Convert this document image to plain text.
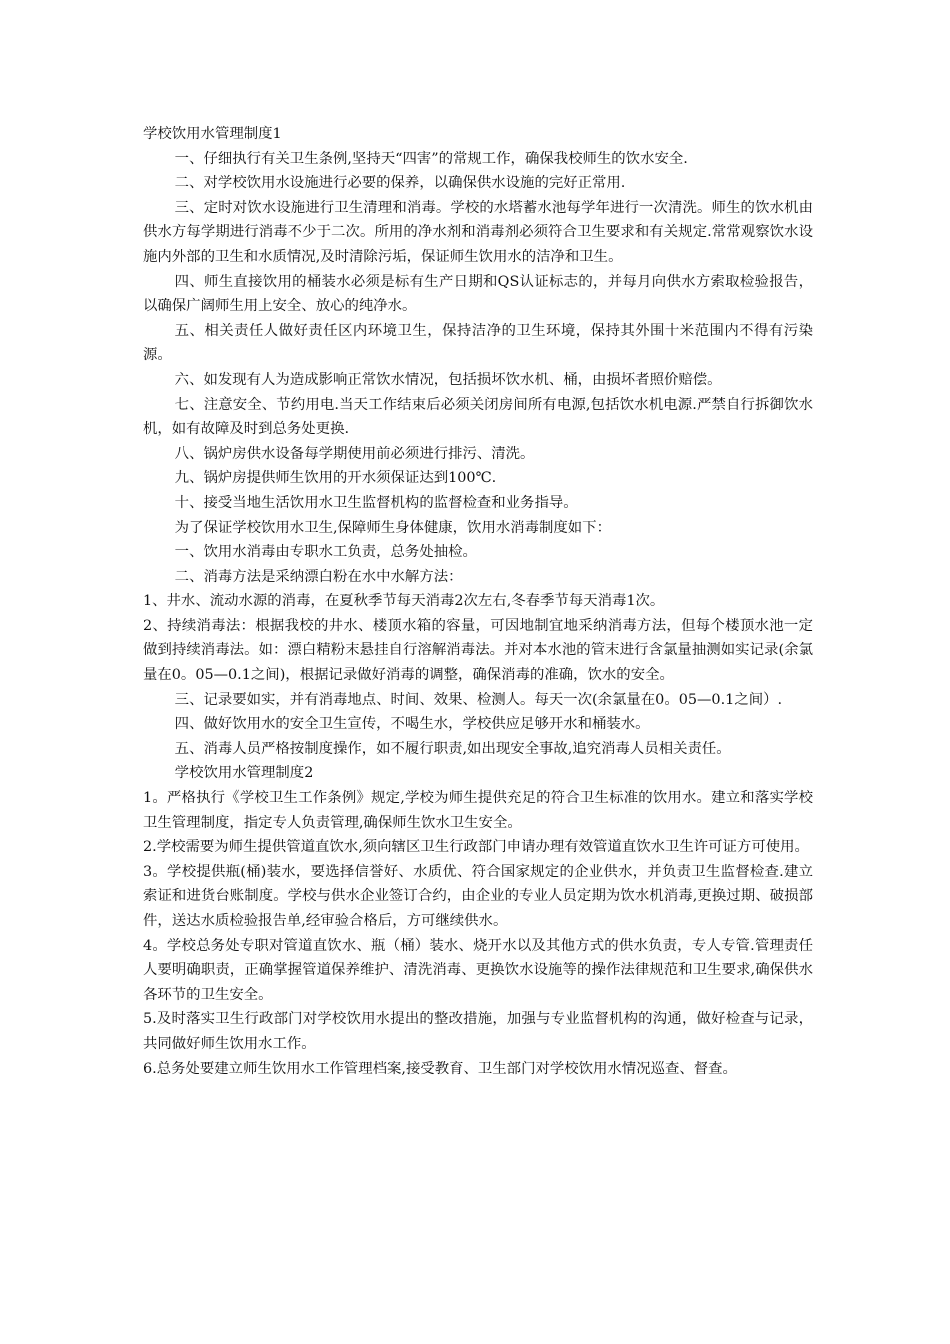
学校饮用水管理制度1

一、仔细执行有关卫生条例,坚持天“四害”的常规工作，确保我校师生的饮水安全.

二、对学校饮用水设施进行必要的保养，以确保供水设施的完好正常用.

三、定时对饮水设施进行卫生清理和消毒。学校的水塔蓄水池每学年进行一次清洗。师生的饮水机由供水方每学期进行消毒不少于二次。所用的净水剂和消毒剂必须符合卫生要求和有关规定.常常观察饮水设施内外部的卫生和水质情况,及时清除污垢，保证师生饮用水的洁净和卫生。

四、师生直接饮用的桶装水必须是标有生产日期和QS认证标志的，并每月向供水方索取检验报告，以确保广阔师生用上安全、放心的纯净水。

五、相关责任人做好责任区内环境卫生，保持洁净的卫生环境，保持其外围十米范围内不得有污染源。

六、如发现有人为造成影响正常饮水情况，包括损坏饮水机、桶，由损坏者照价赔偿。

七、注意安全、节约用电.当天工作结束后必须关闭房间所有电源,包括饮水机电源.严禁自行拆御饮水机，如有故障及时到总务处更换.

八、锅炉房供水设备每学期使用前必须进行排污、清洗。

九、锅炉房提供师生饮用的开水须保证达到100℃.

十、接受当地生活饮用水卫生监督机构的监督检查和业务指导。

为了保证学校饮用水卫生,保障师生身体健康，饮用水消毒制度如下：

一、饮用水消毒由专职水工负责，总务处抽检。

二、消毒方法是采纳漂白粉在水中水解方法：

1、井水、流动水源的消毒，在夏秋季节每天消毒2次左右,冬春季节每天消毒1次。

2、持续消毒法：根据我校的井水、楼顶水箱的容量，可因地制宜地采纳消毒方法，但每个楼顶水池一定做到持续消毒法。如：漂白精粉末悬挂自行溶解消毒法。并对本水池的管末进行含氯量抽测如实记录(余氯量在0。05—0.1之间)，根据记录做好消毒的调整，确保消毒的准确，饮水的安全。

三、记录要如实，并有消毒地点、时间、效果、检测人。每天一次(余氯量在0。05—0.1之间）.

四、做好饮用水的安全卫生宣传，不喝生水，学校供应足够开水和桶装水。

五、消毒人员严格按制度操作，如不履行职责,如出现安全事故,追究消毒人员相关责任。

学校饮用水管理制度2

1。严格执行《学校卫生工作条例》规定,学校为师生提供充足的符合卫生标准的饮用水。建立和落实学校卫生管理制度，指定专人负责管理,确保师生饮水卫生安全。

2.学校需要为师生提供管道直饮水,须向辖区卫生行政部门申请办理有效管道直饮水卫生许可证方可使用。

3。学校提供瓶(桶)装水，要选择信誉好、水质优、符合国家规定的企业供水，并负责卫生监督检查.建立索证和进货台账制度。学校与供水企业签订合约，由企业的专业人员定期为饮水机消毒,更换过期、破损部件，送达水质检验报告单,经审验合格后，方可继续供水。

4。学校总务处专职对管道直饮水、瓶（桶）装水、烧开水以及其他方式的供水负责，专人专管.管理责任人要明确职责，正确掌握管道保养维护、清洗消毒、更换饮水设施等的操作法律规范和卫生要求,确保供水各环节的卫生安全。

5.及时落实卫生行政部门对学校饮用水提出的整改措施，加强与专业监督机构的沟通，做好检查与记录，共同做好师生饮用水工作。

6.总务处要建立师生饮用水工作管理档案,接受教育、卫生部门对学校饮用水情况巡查、督查。
